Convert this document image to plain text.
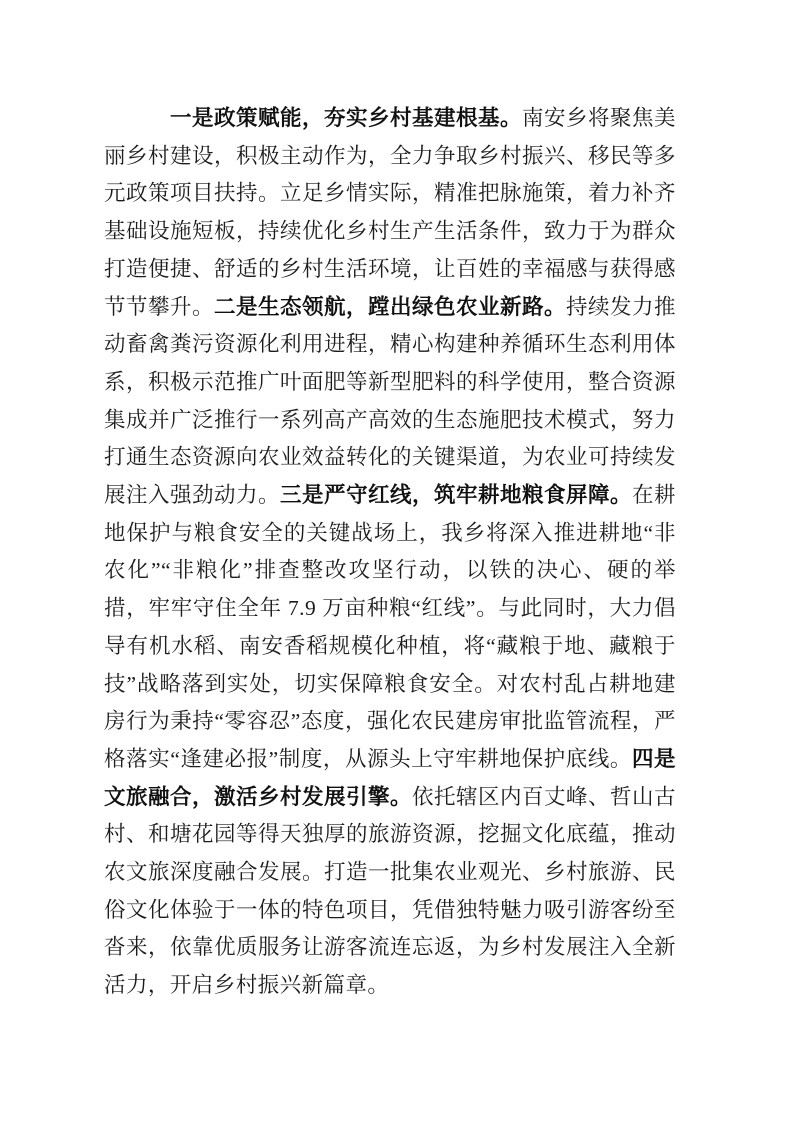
一是政策赋能，夯实乡村基建根基。南安乡将聚焦美丽乡村建设，积极主动作为，全力争取乡村振兴、移民等多元政策项目扶持。立足乡情实际，精准把脉施策，着力补齐基础设施短板，持续优化乡村生产生活条件，致力于为群众打造便捷、舒适的乡村生活环境，让百姓的幸福感与获得感节节攀升。二是生态领航，蹚出绿色农业新路。持续发力推动畜禽粪污资源化利用进程，精心构建种养循环生态利用体系，积极示范推广叶面肥等新型肥料的科学使用，整合资源集成并广泛推行一系列高产高效的生态施肥技术模式，努力打通生态资源向农业效益转化的关键渠道，为农业可持续发展注入强劲动力。三是严守红线，筑牢耕地粮食屏障。在耕地保护与粮食安全的关键战场上，我乡将深入推进耕地“非农化”“非粮化”排查整改攻坚行动，以铁的决心、硬的举措，牢牢守住全年 7.9 万亩种粮“红线”。与此同时，大力倡导有机水稻、南安香稻规模化种植，将“藏粮于地、藏粮于技”战略落到实处，切实保障粮食安全。对农村乱占耕地建房行为秉持“零容忍”态度，强化农民建房审批监管流程，严格落实“逢建必报”制度，从源头上守牢耕地保护底线。四是文旅融合，激活乡村发展引擎。依托辖区内百丈峰、哲山古村、和塘花园等得天独厚的旅游资源，挖掘文化底蕴，推动农文旅深度融合发展。打造一批集农业观光、乡村旅游、民俗文化体验于一体的特色项目，凭借独特魅力吸引游客纷至沓来，依靠优质服务让游客流连忘返，为乡村发展注入全新活力，开启乡村振兴新篇章。
